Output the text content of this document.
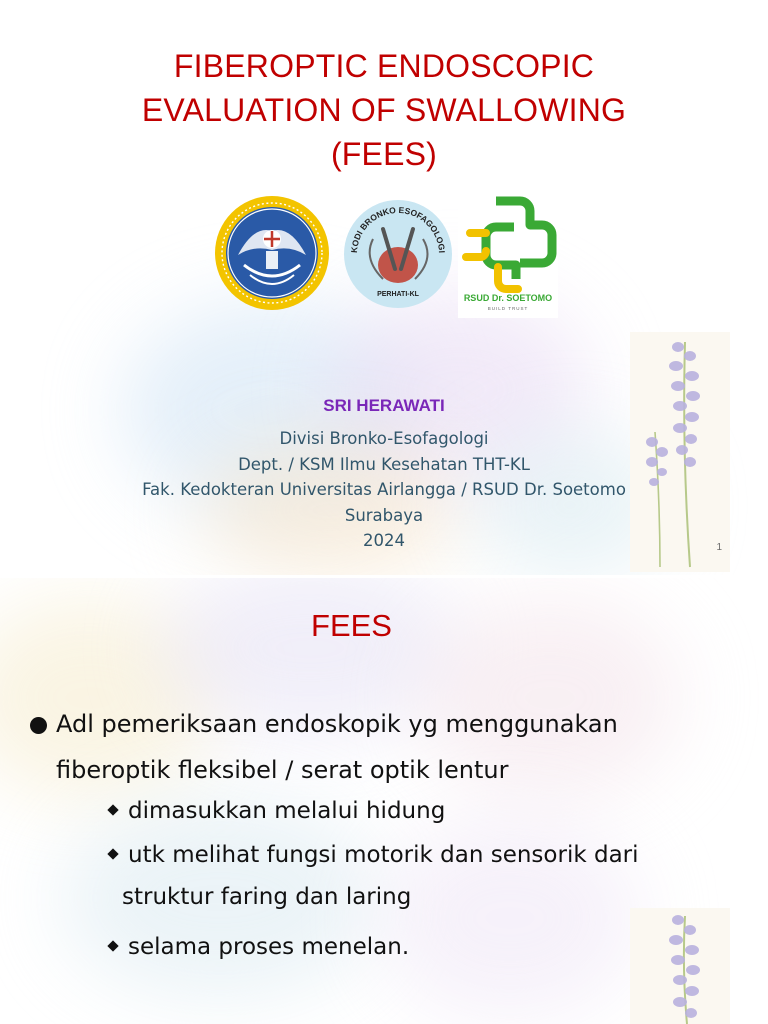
FIBEROPTIC ENDOSCOPIC
EVALUATION OF SWALLOWING
(FEES)
KODI BRONKO ESOFAGOLOGI
PERHATI-KL	RSUD Dr. SOETOMO
BUILD TRUST
SRI HERAWATI
Divisi Bronko-Esofagologi
Dept. / KSM Ilmu Kesehatan THT-KL
Fak. Kedokteran Universitas Airlangga / RSUD Dr. Soetomo
Surabaya
2024	1
FEES
Adl pemeriksaan endoskopik yg menggunakan
fiberoptik fleksibel / serat optik lentur
dimasukkan melalui hidung
utk melihat fungsi motorik dan sensorik dari
struktur faring dan laring
selama proses menelan.
